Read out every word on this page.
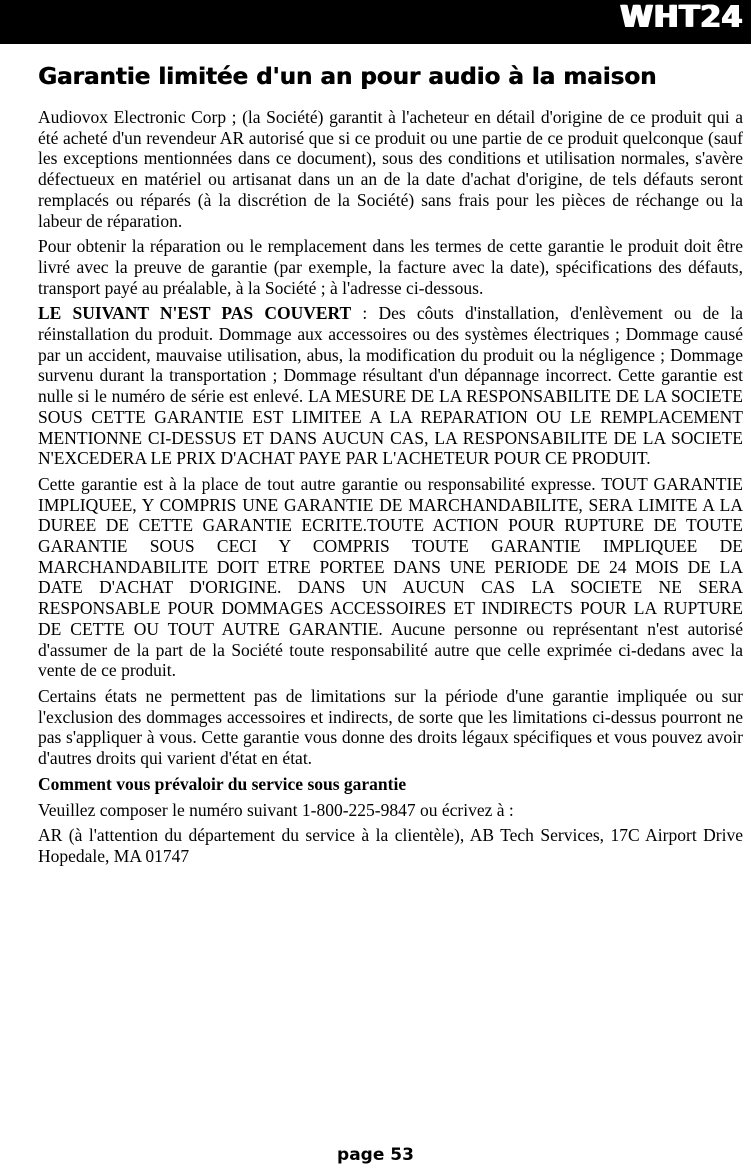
WHT24
Garantie limitée d'un an pour audio à la maison

Audiovox Electronic Corp ; (la Société) garantit à l'acheteur en détail d'origine de ce produit qui a été acheté d'un revendeur AR autorisé que si ce produit ou une partie de ce produit quelconque (sauf les exceptions mentionnées dans ce document), sous des conditions et utilisation normales, s'avère défectueux en matériel ou artisanat dans un an de la date d'achat d'origine, de tels défauts seront remplacés ou réparés (à la discrétion de la Société) sans frais pour les pièces de réchange ou la labeur de réparation.

Pour obtenir la réparation ou le remplacement dans les termes de cette garantie le produit doit être livré avec la preuve de garantie (par exemple, la facture avec la date), spécifications des défauts, transport payé au préalable, à la Société ; à l'adresse ci-dessous.

LE SUIVANT N'EST PAS COUVERT : Des côuts d'installation, d'enlèvement ou de la réinstallation du produit. Dommage aux accessoires ou des systèmes électriques ; Dommage causé par un accident, mauvaise utilisation, abus, la modification du produit ou la négligence ; Dommage survenu durant la transportation ; Dommage résultant d'un dépannage incorrect. Cette garantie est nulle si le numéro de série est enlevé. LA MESURE DE LA RESPONSABILITE DE LA SOCIETE SOUS CETTE GARANTIE EST LIMITEE A LA REPARATION OU LE REMPLACEMENT MENTIONNE CI-DESSUS ET DANS AUCUN CAS, LA RESPONSABILITE DE LA SOCIETE N'EXCEDERA LE PRIX D'ACHAT PAYE PAR L'ACHETEUR POUR CE PRODUIT.

Cette garantie est à la place de tout autre garantie ou responsabilité expresse. TOUT GARANTIE IMPLIQUEE, Y COMPRIS UNE GARANTIE DE MARCHANDABILITE, SERA LIMITE A LA DUREE DE CETTE GARANTIE ECRITE.TOUTE ACTION POUR RUPTURE DE TOUTE GARANTIE SOUS CECI Y COMPRIS TOUTE GARANTIE IMPLIQUEE DE MARCHANDABILITE DOIT ETRE PORTEE DANS UNE PERIODE DE 24 MOIS DE LA DATE D'ACHAT D'ORIGINE. DANS UN AUCUN CAS LA SOCIETE NE SERA RESPONSABLE POUR DOMMAGES ACCESSOIRES ET INDIRECTS POUR LA RUPTURE DE CETTE OU TOUT AUTRE GARANTIE. Aucune personne ou représentant n'est autorisé d'assumer de la part de la Société toute responsabilité autre que celle exprimée ci-dedans avec la vente de ce produit.

Certains états ne permettent pas de limitations sur la période d'une garantie impliquée ou sur l'exclusion des dommages accessoires et indirects, de sorte que les limitations ci-dessus pourront ne pas s'appliquer à vous. Cette garantie vous donne des droits légaux spécifiques et vous pouvez avoir d'autres droits qui varient d'état en état.

Comment vous prévaloir du service sous garantie

Veuillez composer le numéro suivant 1-800-225-9847 ou écrivez à :

AR (à l'attention du département du service à la clientèle), AB Tech Services, 17C Airport Drive Hopedale, MA 01747

page 53
